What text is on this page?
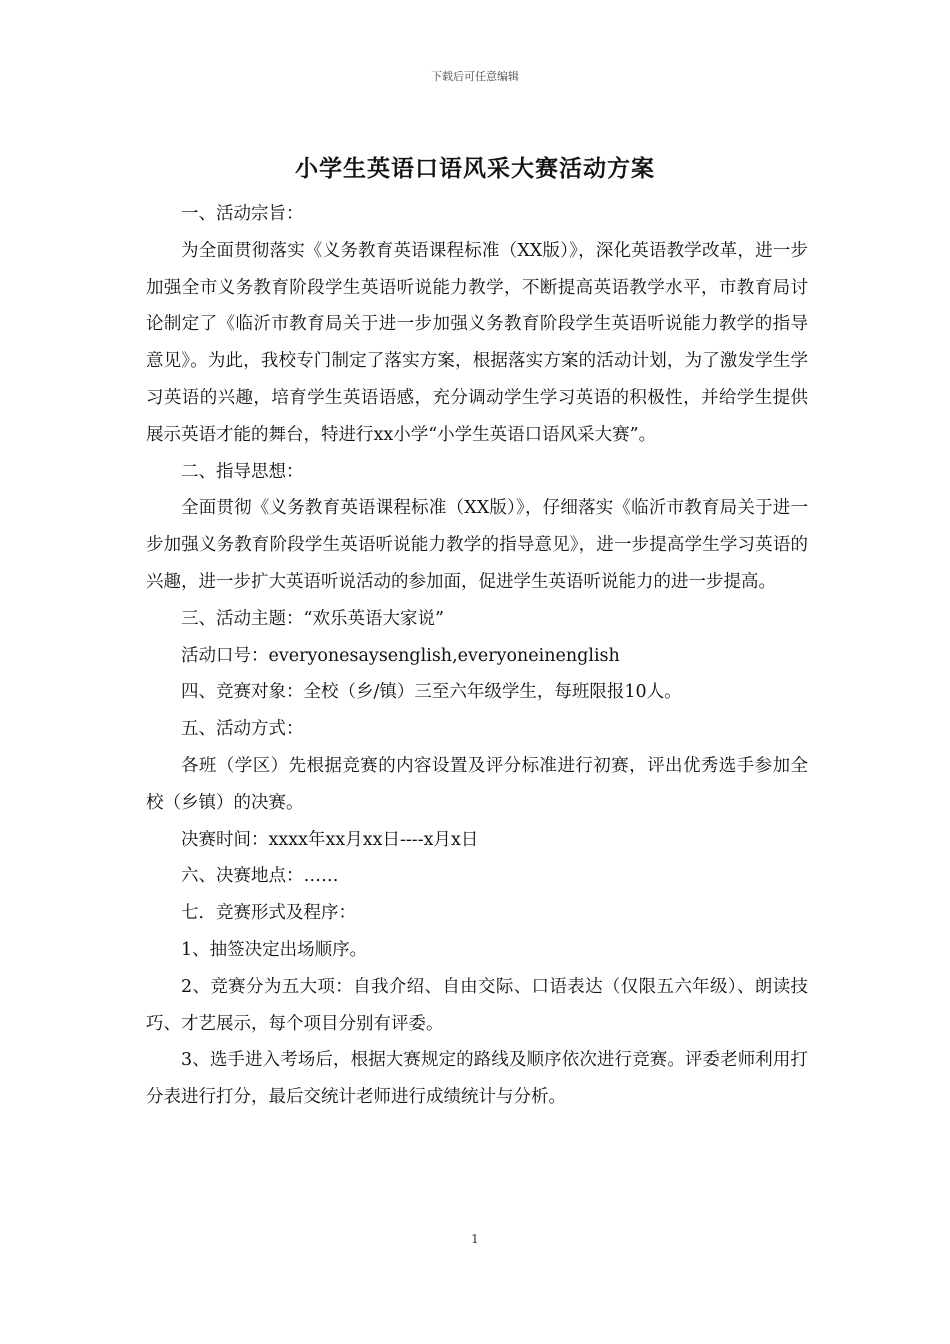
下载后可任意编辑
小学生英语口语风采大赛活动方案

一、活动宗旨：

为全面贯彻落实《义务教育英语课程标准（XX版）》，深化英语教学改革，进一步加强全市义务教育阶段学生英语听说能力教学，不断提高英语教学水平，市教育局讨论制定了《临沂市教育局关于进一步加强义务教育阶段学生英语听说能力教学的指导意见》。为此，我校专门制定了落实方案，根据落实方案的活动计划，为了激发学生学习英语的兴趣，培育学生英语语感，充分调动学生学习英语的积极性，并给学生提供展示英语才能的舞台，特进行xx小学“小学生英语口语风采大赛”。

二、指导思想：

全面贯彻《义务教育英语课程标准（XX版）》，仔细落实《临沂市教育局关于进一步加强义务教育阶段学生英语听说能力教学的指导意见》，进一步提高学生学习英语的兴趣，进一步扩大英语听说活动的参加面，促进学生英语听说能力的进一步提高。

三、活动主题：“欢乐英语大家说”

活动口号：everyonesaysenglish,everyoneinenglish

四、竞赛对象：全校（乡/镇）三至六年级学生，每班限报10人。

五、活动方式：

各班（学区）先根据竞赛的内容设置及评分标准进行初赛，评出优秀选手参加全校（乡镇）的决赛。

决赛时间：xxxx年xx月xx日----x月x日

六、决赛地点：……

七．竞赛形式及程序：

1、抽签决定出场顺序。

2、竞赛分为五大项：自我介绍、自由交际、口语表达（仅限五六年级）、朗读技巧、才艺展示，每个项目分别有评委。

3、选手进入考场后，根据大赛规定的路线及顺序依次进行竞赛。评委老师利用打分表进行打分，最后交统计老师进行成绩统计与分析。

1
